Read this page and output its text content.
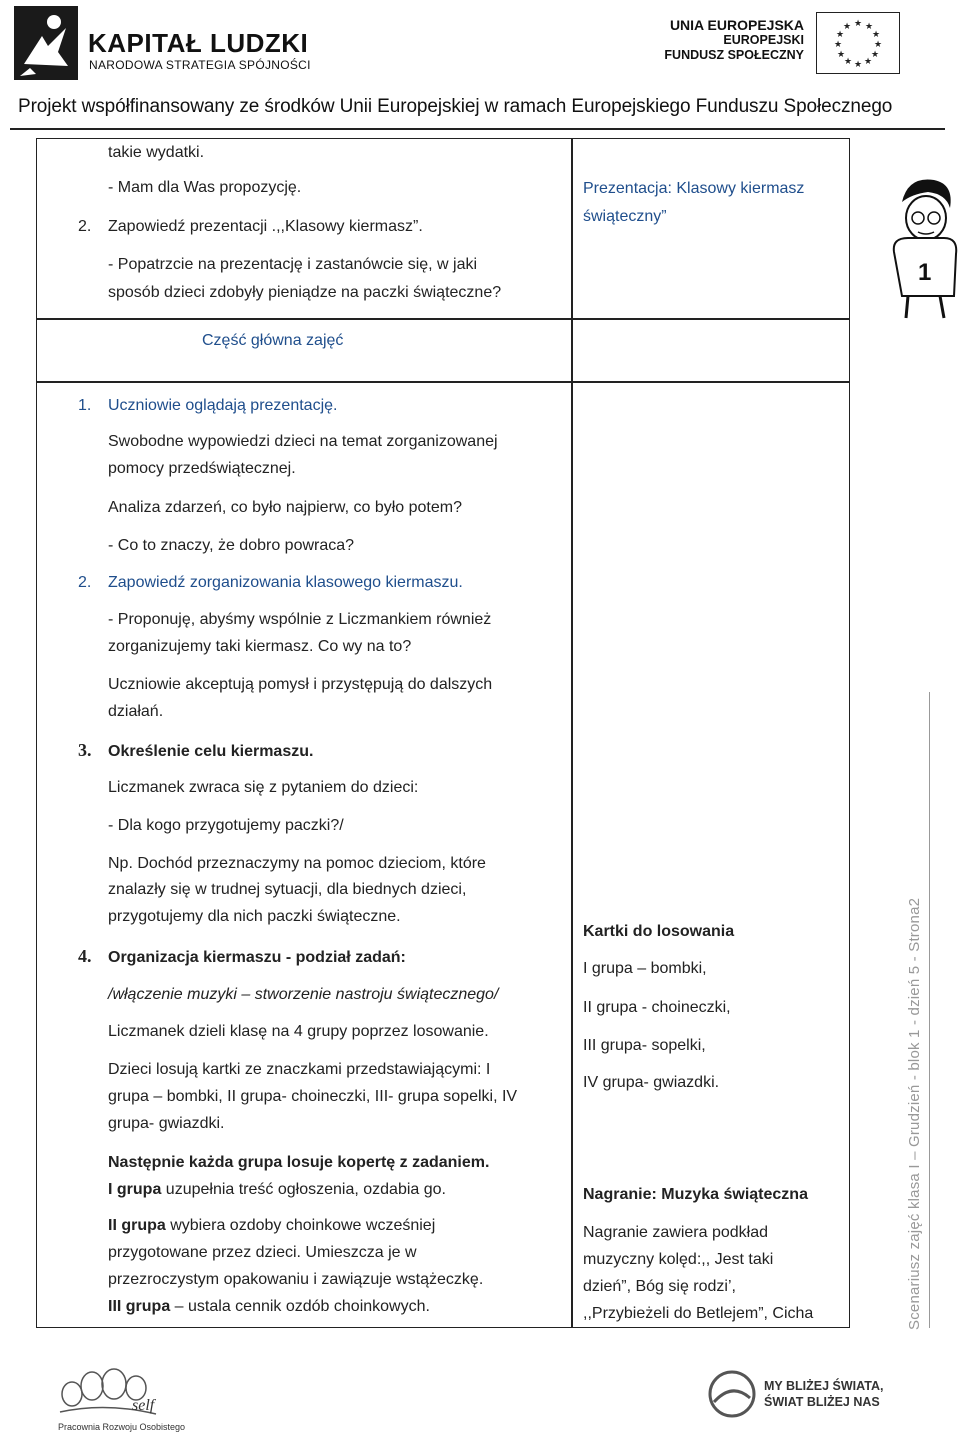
KAPITAŁ LUDZKI
NARODOWA STRATEGIA SPÓJNOŚCI
UNIA EUROPEJSKA
EUROPEJSKI
FUNDUSZ SPOŁECZNY
★ ★
★
★
★
★
★
★
★
★
★
★
Projekt współfinansowany ze środków Unii Europejskiej w ramach Europejskiego Funduszu Społecznego
takie wydatki.
- Mam dla Was propozycję.
2. Zapowiedź prezentacji .,,Klasowy kiermasz”.
- Popatrzcie na prezentację i zastanówcie się, w jaki
sposób dzieci zdobyły pieniądze na paczki świąteczne?
Prezentacja: Klasowy kiermasz
świąteczny”
Część główna zajęć
1. Uczniowie oglądają prezentację.
Swobodne wypowiedzi dzieci na temat zorganizowanej
pomocy przedświątecznej.
Analiza zdarzeń, co było najpierw, co było potem?
- Co to znaczy, że dobro powraca?
2. Zapowiedź zorganizowania klasowego kiermaszu.
- Proponuję, abyśmy wspólnie z Liczmankiem również
zorganizujemy taki kiermasz. Co wy na to?
Uczniowie akceptują pomysł i przystępują do dalszych
działań.
3. Określenie celu kiermaszu.
Liczmanek zwraca się z pytaniem do dzieci:
- Dla kogo przygotujemy paczki?/
Np. Dochód przeznaczymy na pomoc dzieciom, które
znalazły się w trudnej sytuacji, dla biednych dzieci,
przygotujemy dla nich paczki świąteczne.
4. Organizacja kiermaszu - podział zadań:
/włączenie muzyki – stworzenie nastroju świątecznego/
Liczmanek dzieli klasę na 4 grupy poprzez losowanie.
Dzieci losują kartki ze znaczkami przedstawiającymi: I
grupa – bombki, II grupa- choineczki, III- grupa sopelki, IV
grupa- gwiazdki.
Następnie każda grupa losuje kopertę z zadaniem.
I grupa uzupełnia treść ogłoszenia, ozdabia go.
II grupa wybiera ozdoby choinkowe wcześniej
przygotowane przez dzieci. Umieszcza je w
przezroczystym opakowaniu i zawiązuje wstążeczkę.
III grupa – ustala cennik ozdób choinkowych.
Kartki do losowania
I grupa – bombki,
II grupa - choineczki,
III grupa- sopelki,
IV grupa- gwiazdki.
Nagranie: Muzyka świąteczna
Nagranie zawiera podkład
muzyczny kolęd:,, Jest taki
dzień”, Bóg się rodzi’,
,,Przybieżeli do Betlejem”, Cicha
1
Scenariusz zajęć klasa I – Grudzień - blok 1 - dzień 5 - Strona2
self
Pracownia Rozwoju Osobistego
MY BLIŻEJ ŚWIATA,
ŚWIAT BLIŻEJ NAS
